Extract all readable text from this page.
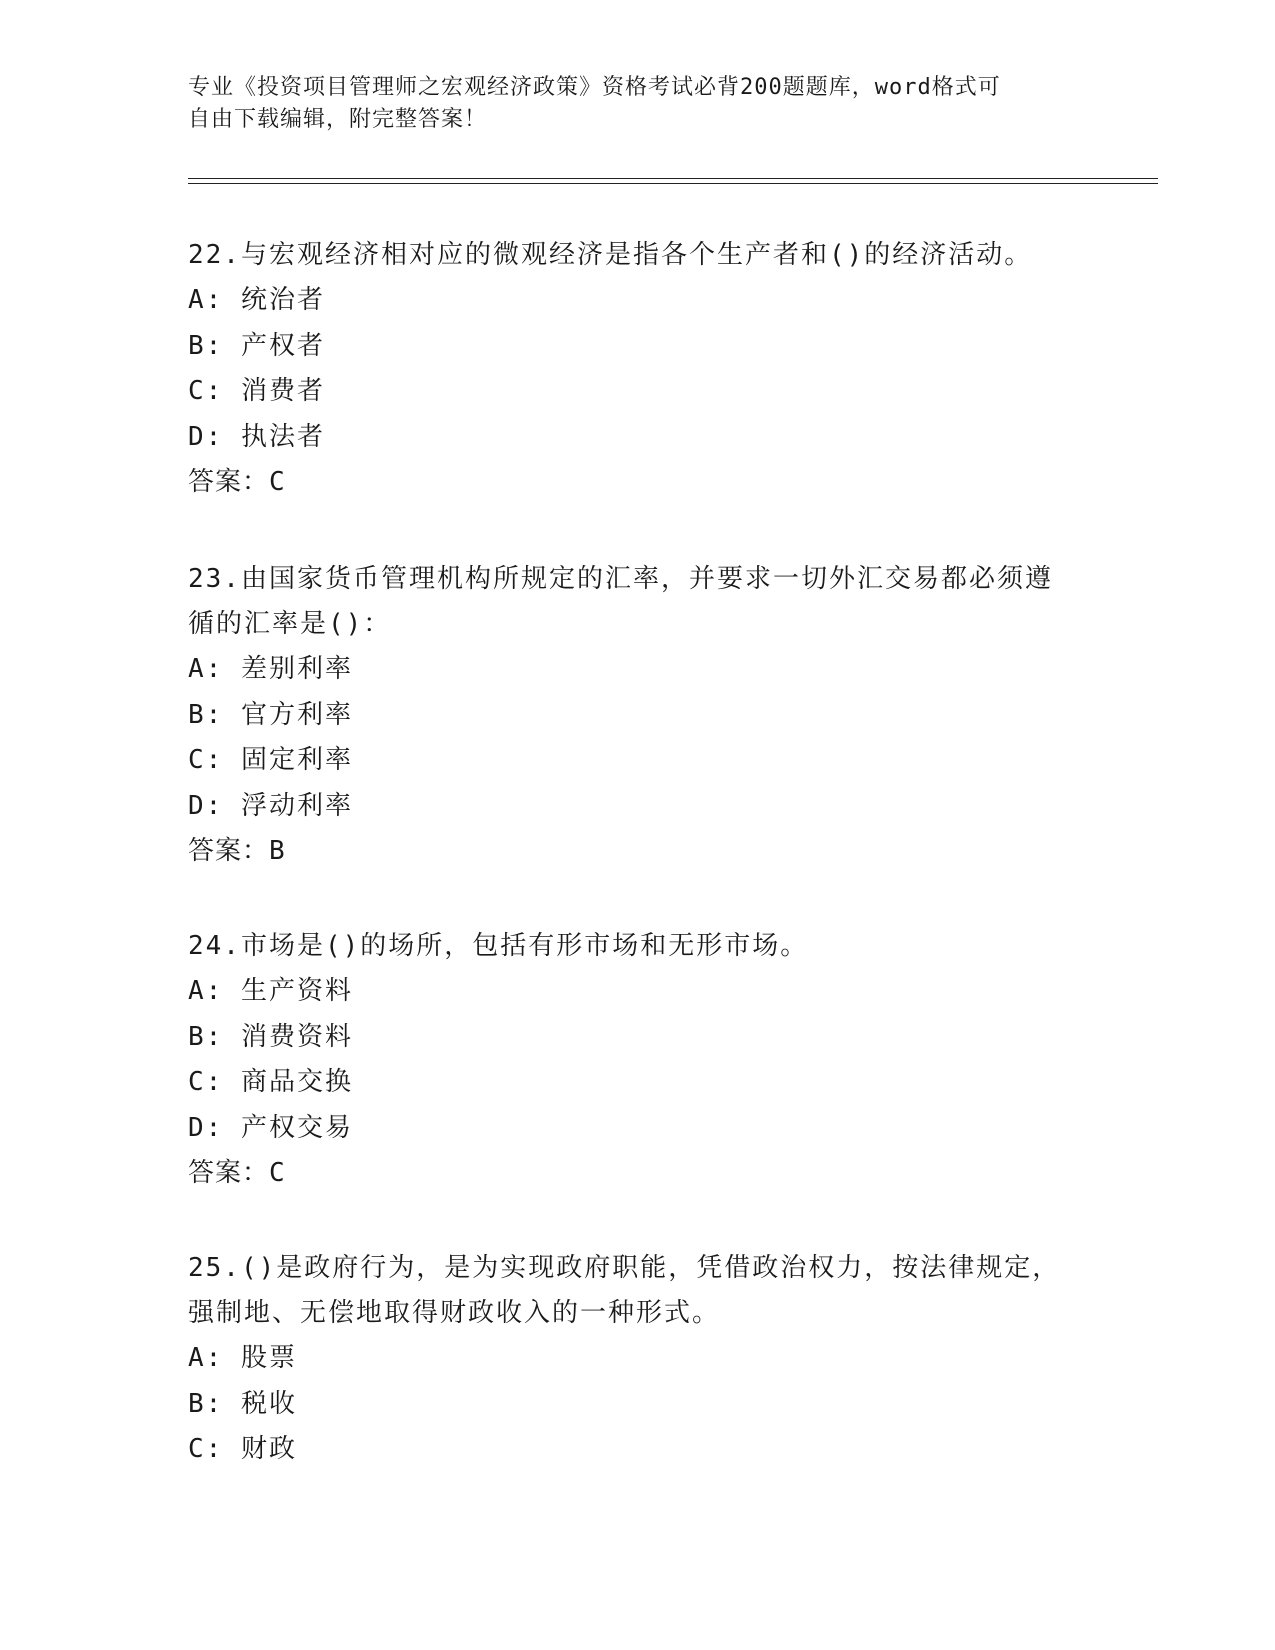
专业《投资项目管理师之宏观经济政策》资格考试必背200题题库，word格式可
自由下载编辑，附完整答案！

22.与宏观经济相对应的微观经济是指各个生产者和()的经济活动。

A: 统治者

B: 产权者

C: 消费者

D: 执法者

答案：C

23.由国家货币管理机构所规定的汇率，并要求一切外汇交易都必须遵

循的汇率是()：

A: 差别利率

B: 官方利率

C: 固定利率

D: 浮动利率

答案：B

24.市场是()的场所，包括有形市场和无形市场。

A: 生产资料

B: 消费资料

C: 商品交换

D: 产权交易

答案：C

25.()是政府行为，是为实现政府职能，凭借政治权力，按法律规定，

强制地、无偿地取得财政收入的一种形式。

A: 股票

B: 税收

C: 财政
